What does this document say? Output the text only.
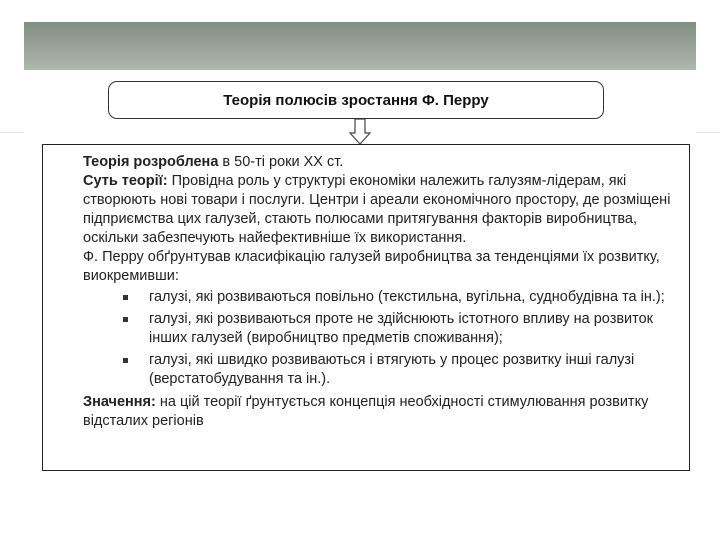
Теорія полюсів зростання Ф. Перру

Теорія розроблена в 50-ті роки XX ст.

Суть теорії: Провідна роль у структурі економіки належить галузям-лідерам, які створюють нові товари і послуги. Центри і ареали економічного простору, де розміщені підприємства цих галузей, стають полюсами притягування факторів виробництва, оскільки забезпечують найефективніше їх використання.

Ф. Перру обґрунтував класифікацію галузей виробництва за тенденціями їх розвитку, виокремивши:

галузі, які розвиваються повільно (текстильна, вугільна, суднобудівна та ін.);
галузі, які розвиваються проте не здійснюють істотного впливу на розвиток інших галузей (виробництво предметів споживання);
галузі, які швидко розвиваються і втягують у процес розвитку інші галузі (верстатобудування та ін.).

Значення: на цій теорії ґрунтується концепція необхідності стимулювання розвитку відсталих регіонів
